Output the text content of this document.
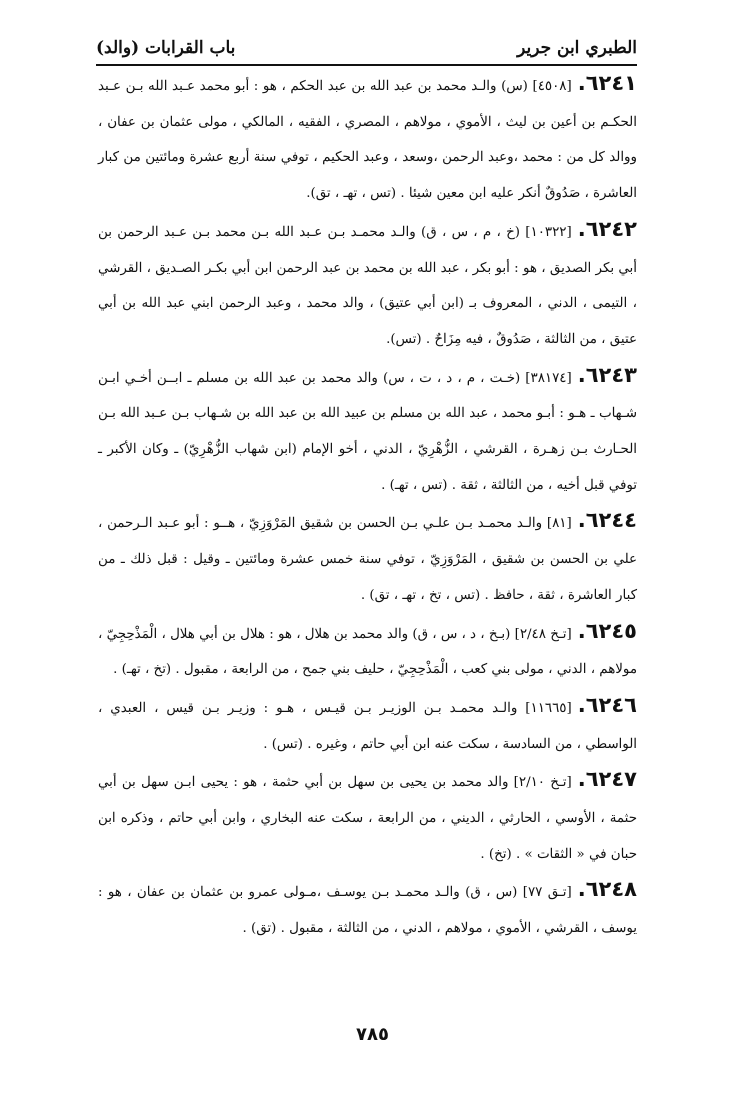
الطبري ابن جرير
باب القرابات (والد)

٦٢٤١.[٤٥٠٨] (س) والـد محمد بن عبد الله بن عبد الحكم ، هو : أبو محمد عـبد الله بـن عـبد الحكـم بن أعين بن ليث ، الأموي ، مولاهم ، المصري ، الفقيه ، المالكي ، مولى عثمان بن عفان ، ووالد كل من : محمد ،وعبد الرحمن ،وسعد ، وعبد الحكيم ، توفي سنة أربع عشرة ومائتين من كبار العاشرة ، صَدُوقٌ أنكر عليه ابن معين شيئا . (تس ، تهـ ، تق).

٦٢٤٢.[١٠٣٢٢] (خ ، م ، س ، ق) والـد محمـد بـن عـبد الله بـن محمد بـن عـبد الرحمن بن أبي بكر الصديق ، هو : أبو بكر ، عبد الله بن محمد بن عبد الرحمن ابن أبي بكـر الصـديق ، القرشي ، التيمى ، الدني ، المعروف بـ (ابن أبي عتيق) ، والد محمد ، وعبد الرحمن ابني عبد الله بن أبي عتيق ، من الثالثة ، صَدُوقٌ ، فيه مِزَاحٌ . (تس).

٦٢٤٣.[٣٨١٧٤] (خـت ، م ، د ، ت ، س) والد محمد بن عبد الله بن مسلم ـ ابــن أخـي ابـن شـهاب ـ هـو : أبـو محمد ، عبد الله بن مسلم بن عبيد الله بن عبد الله بن شـهاب بـن عـبد الله بـن الحـارث بـن زهـرة ، القرشي ، الزُّهْرِيّ ، الدني ، أخو الإمام (ابن شهاب الزُّهْرِيّ) ـ وكان الأكبر ـ توفي قبل أخيه ، من الثالثة ، ثقة . (تس ، تهـ) .

٦٢٤٤.[٨١] والـد محمـد بـن علـي بـن الحسن بن شقيق المَرْوَزِيّ ، هــو : أبو عـبد الـرحمن ، علي بن الحسن بن شقيق ، المَرْوَزِيّ ، توفي سنة خمس عشرة ومائتين ـ وقيل : قبل ذلك ـ من كبار العاشرة ، ثقة ، حافظ . (تس ، تخ ، تهـ ، تق) .

٦٢٤٥.[تـخ ٢/٤٨] (بـخ ، د ، س ، ق) والد محمد بن هلال ، هو : هلال بن أبي هلال ، الْمَذْحِجِيّ ، مولاهم ، الدني ، مولى بني كعب ، الْمَذْحِجِيّ ، حليف بني جمح ، من الرابعة ، مقبول . (تخ ، تهـ) .

٦٢٤٦.[١١٦٦٥] والـد محمـد بـن الوزيـر بـن قيـس ، هـو : وزيـر بـن قيس ، العبدي ، الواسطي ، من السادسة ، سكت عنه ابن أبي حاتم ، وغيره . (تس) .

٦٢٤٧.[تـخ ٢/١٠] والد محمد بن يحيى بن سهل بن أبي حثمة ، هو : يحيى ابـن سهل بن أبي حثمة ، الأوسي ، الحارثي ، الديني ، من الرابعة ، سكت عنه البخاري ، وابن أبي حاتم ، وذكره ابن حبان في « الثقات » . (تخ) .

٦٢٤٨.[تـق ٧٧] (س ، ق) والـد محمـد بـن يوسـف ،مـولى عمرو بن عثمان بن عفان ، هو : يوسف ، القرشي ، الأموي ، مولاهم ، الدني ، من الثالثة ، مقبول . (تق) .

٧٨٥
